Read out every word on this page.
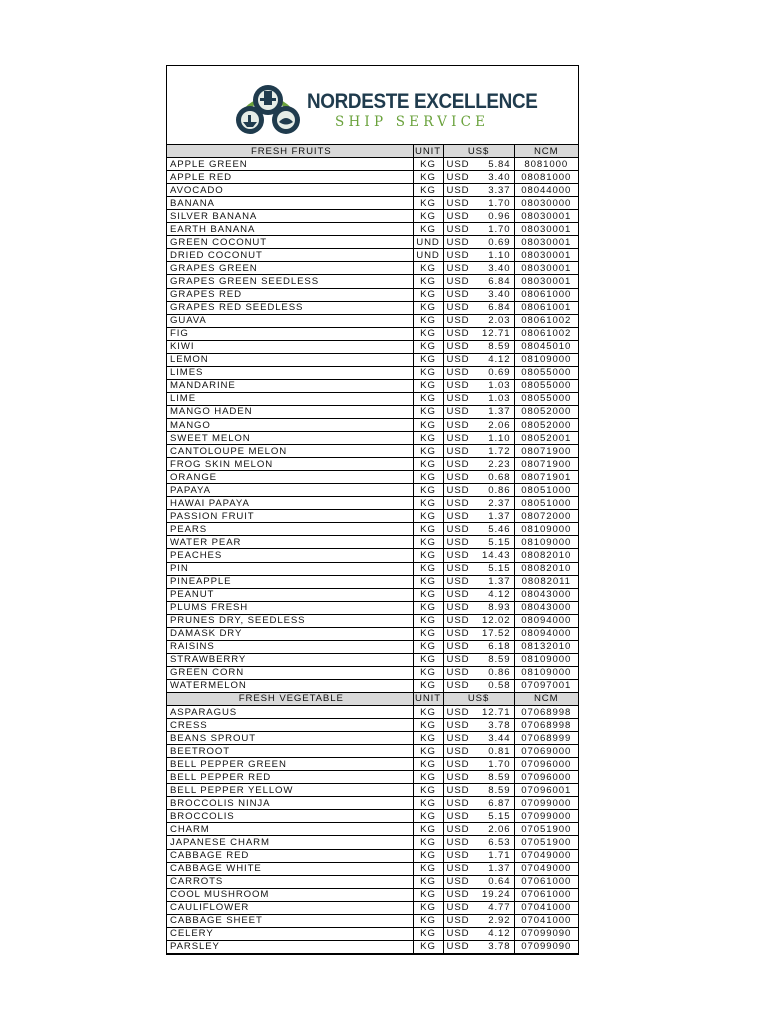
NORDESTE EXCELLENCE
SHIP SERVICE
FRESH FRUITS	UNIT	US$	NCM
APPLE GREEN	KG	USD 5.84	8081000
APPLE RED	KG	USD 3.40	08081000
AVOCADO	KG	USD 3.37	08044000
BANANA	KG	USD 1.70	08030000
SILVER BANANA	KG	USD 0.96	08030001
EARTH BANANA	KG	USD 1.70	08030001
GREEN COCONUT	UND	USD 0.69	08030001
DRIED COCONUT	UND	USD 1.10	08030001
GRAPES GREEN	KG	USD 3.40	08030001
GRAPES GREEN SEEDLESS	KG	USD 6.84	08030001
GRAPES RED	KG	USD 3.40	08061000
GRAPES RED SEEDLESS	KG	USD 6.84	08061001
GUAVA	KG	USD 2.03	08061002
FIG	KG	USD 12.71	08061002
KIWI	KG	USD 8.59	08045010
LEMON	KG	USD 4.12	08109000
LIMES	KG	USD 0.69	08055000
MANDARINE	KG	USD 1.03	08055000
LIME	KG	USD 1.03	08055000
MANGO HADEN	KG	USD 1.37	08052000
MANGO	KG	USD 2.06	08052000
SWEET MELON	KG	USD 1.10	08052001
CANTOLOUPE MELON	KG	USD 1.72	08071900
FROG SKIN MELON	KG	USD 2.23	08071900
ORANGE	KG	USD 0.68	08071901
PAPAYA	KG	USD 0.86	08051000
HAWAI PAPAYA	KG	USD 2.37	08051000
PASSION FRUIT	KG	USD 1.37	08072000
PEARS	KG	USD 5.46	08109000
WATER PEAR	KG	USD 5.15	08109000
PEACHES	KG	USD 14.43	08082010
PIN	KG	USD 5.15	08082010
PINEAPPLE	KG	USD 1.37	08082011
PEANUT	KG	USD 4.12	08043000
PLUMS FRESH	KG	USD 8.93	08043000
PRUNES DRY, SEEDLESS	KG	USD 12.02	08094000
DAMASK DRY	KG	USD 17.52	08094000
RAISINS	KG	USD 6.18	08132010
STRAWBERRY	KG	USD 8.59	08109000
GREEN CORN	KG	USD 0.86	08109000
WATERMELON	KG	USD 0.58	07097001
FRESH VEGETABLE	UNIT	US$	NCM
ASPARAGUS	KG	USD 12.71	07068998
CRESS	KG	USD 3.78	07068998
BEANS SPROUT	KG	USD 3.44	07068999
BEETROOT	KG	USD 0.81	07069000
BELL PEPPER GREEN	KG	USD 1.70	07096000
BELL PEPPER RED	KG	USD 8.59	07096000
BELL PEPPER YELLOW	KG	USD 8.59	07096001
BROCCOLIS NINJA	KG	USD 6.87	07099000
BROCCOLIS	KG	USD 5.15	07099000
CHARM	KG	USD 2.06	07051900
JAPANESE CHARM	KG	USD 6.53	07051900
CABBAGE RED	KG	USD 1.71	07049000
CABBAGE WHITE	KG	USD 1.37	07049000
CARROTS	KG	USD 0.64	07061000
COOL MUSHROOM	KG	USD 19.24	07061000
CAULIFLOWER	KG	USD 4.77	07041000
CABBAGE SHEET	KG	USD 2.92	07041000
CELERY	KG	USD 4.12	07099090
PARSLEY	KG	USD 3.78	07099090
